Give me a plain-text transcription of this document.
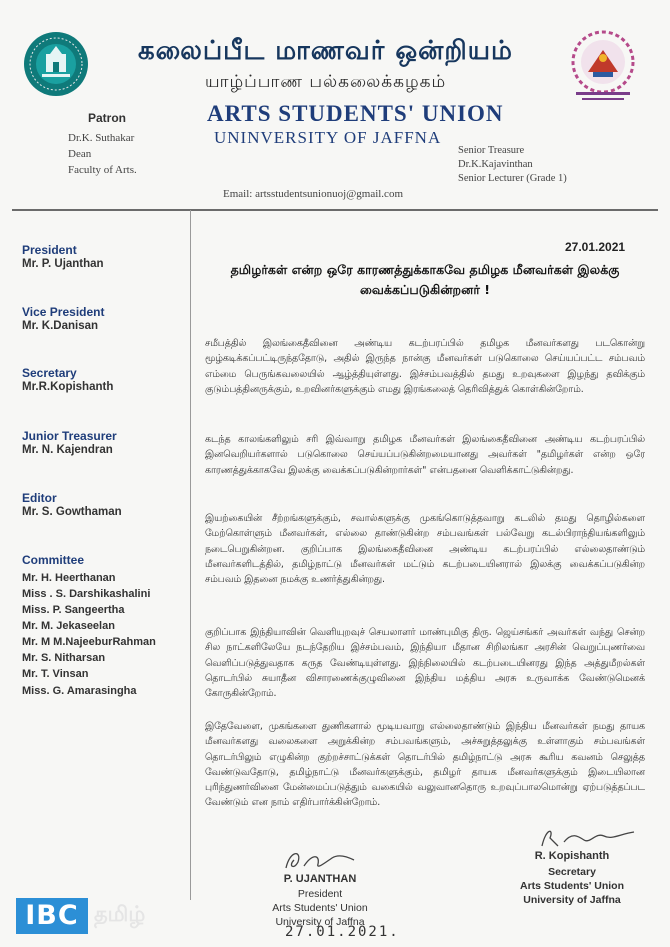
கலைப்பீட மாணவர் ஒன்றியம்
யாழ்ப்பாண பல்கலைக்கழகம்
ARTS STUDENTS' UNION
UNINVERSITY OF JAFFNA
Patron
Dr.K. Suthakar
Dean
Faculty of Arts.
Senior Treasure
Dr.K.Kajavinthan
Senior Lecturer (Grade 1)
Email: artsstudentsunionuoj@gmail.com
President
Mr. P. Ujanthan
Vice President
Mr. K.Danisan
Secretary
Mr.R.Kopishanth
Junior Treasurer
Mr. N. Kajendran
Editor
Mr. S. Gowthaman
Committee
Mr. H. Heerthanan
Miss . S. Darshikashalini
Miss. P. Sangeertha
Mr. M. Jekaseelan
Mr. M M.NajeeburRahman
Mr. S. Nitharsan
Mr. T. Vinsan
Miss. G. Amarasingha
27.01.2021
தமிழர்கள் என்ற ஒரே காரணத்துக்காகவே தமிழக மீனவர்கள் இலக்கு வைக்கப்படுகின்றனர் !
சமீபத்தில் இலங்கைதீவினை அண்டிய கடற்பரப்பில் தமிழக மீனவர்களது படகொன்று மூழ்கடிக்கப்பட்டிருந்ததோடு, அதில் இருந்த நான்கு மீனவர்கள் படுகொலை செய்யப்பட்ட சம்பவம் எம்மை பெருங்கவலையில் ஆழ்த்தியுள்ளது. இச்சம்பவத்தில் தமது உறவுகளை இழந்து தவிக்கும் குடும்பத்தினருக்கும், உறவினர்களுக்கும் எமது இரங்கலைத் தெரிவித்துக் கொள்கின்றோம்.
கடந்த காலங்களிலும் சரி இவ்வாறு தமிழக மீனவர்கள் இலங்கைதீவினை அண்டிய கடற்பரப்பில் இனவெறியர்களால் படுகொலை செய்யப்படுகின்றமையானது அவர்கள் "தமிழர்கள் என்ற ஒரே காரணத்துக்காகவே இலக்கு வைக்கப்படுகின்றார்கள்" என்பதனை வெளிக்காட்டுகின்றது.
இயற்கையின் சீற்றங்களுக்கும், சவால்களுக்கு முகங்கொடுத்தவாறு கடலில் தமது தொழில்களை மேற்கொள்ளும் மீனவர்கள், எல்லை தாண்டுகின்ற சம்பவங்கள் பல்வேறு கடல்பிராந்தியங்களிலும் நடைபெறுகின்றன. குறிப்பாக இலங்கைதீவினை அண்டிய கடற்பரப்பில் எல்லைதாண்டும் மீனவர்களிடத்தில், தமிழ்நாட்டு மீனவர்கள் மட்டும் கடற்படையினரால் இலக்கு வைக்கப்படுகின்ற சம்பவம் இதனை நமக்கு உணர்த்துகின்றது.
குறிப்பாக இந்தியாவின் வெளியுறவுச் செயலாளர் மாண்புமிகு திரு. ஜெய்சங்கர் அவர்கள் வந்து சென்ற சில நாட்களிலேயே நடந்தேறிய இச்சம்பவம், இந்தியா மீதான சிறிலங்கா அரசின் வெறுப்புணர்வை வெளிப்படுத்துவதாக கருத வேண்டியுள்ளது. இந்நிலையில் கடற்படையினரது இந்த அத்துமீறல்கள் தொடர்பில் சுயாதீன விசாரணைக்குழுவினை இந்திய மத்திய அரசு உருவாக்க வேண்டுமெனக் கோருகின்றோம்.
இதேவேளை, முகங்களை துணிகளால் மூடியவாறு எல்லைதாண்டும் இந்திய மீனவர்கள் நமது தாயக மீனவர்களது வலைகளை அறுக்கின்ற சம்பவங்களும், அச்சுறுத்தலுக்கு உள்ளாகும் சம்பவங்கள் தொடர்பிலும் எழுகின்ற குற்றச்சாட்டுக்கள் தொடர்பில் தமிழ்நாட்டு அரசு கூரிய கவனம் செலுத்த வேண்டுவதோடு, தமிழ்நாட்டு மீனவர்களுக்கும், தமிழர் தாயக மீனவர்களுக்கும் இடையிலான புரிந்துணர்வினை மேன்மைப்படுத்தும் வகையில் வலுவானதொரு உறவுப்பாலமொன்று ஏற்படுத்தப்பட வேண்டும் என நாம் எதிர்பார்க்கின்றோம்.
P. UJANTHAN
President
Arts Students' Union
University of Jaffna
R. Kopishanth
Secretary
Arts Students' Union
University of Jaffna
27.01.2021.
IBC தமிழ்
